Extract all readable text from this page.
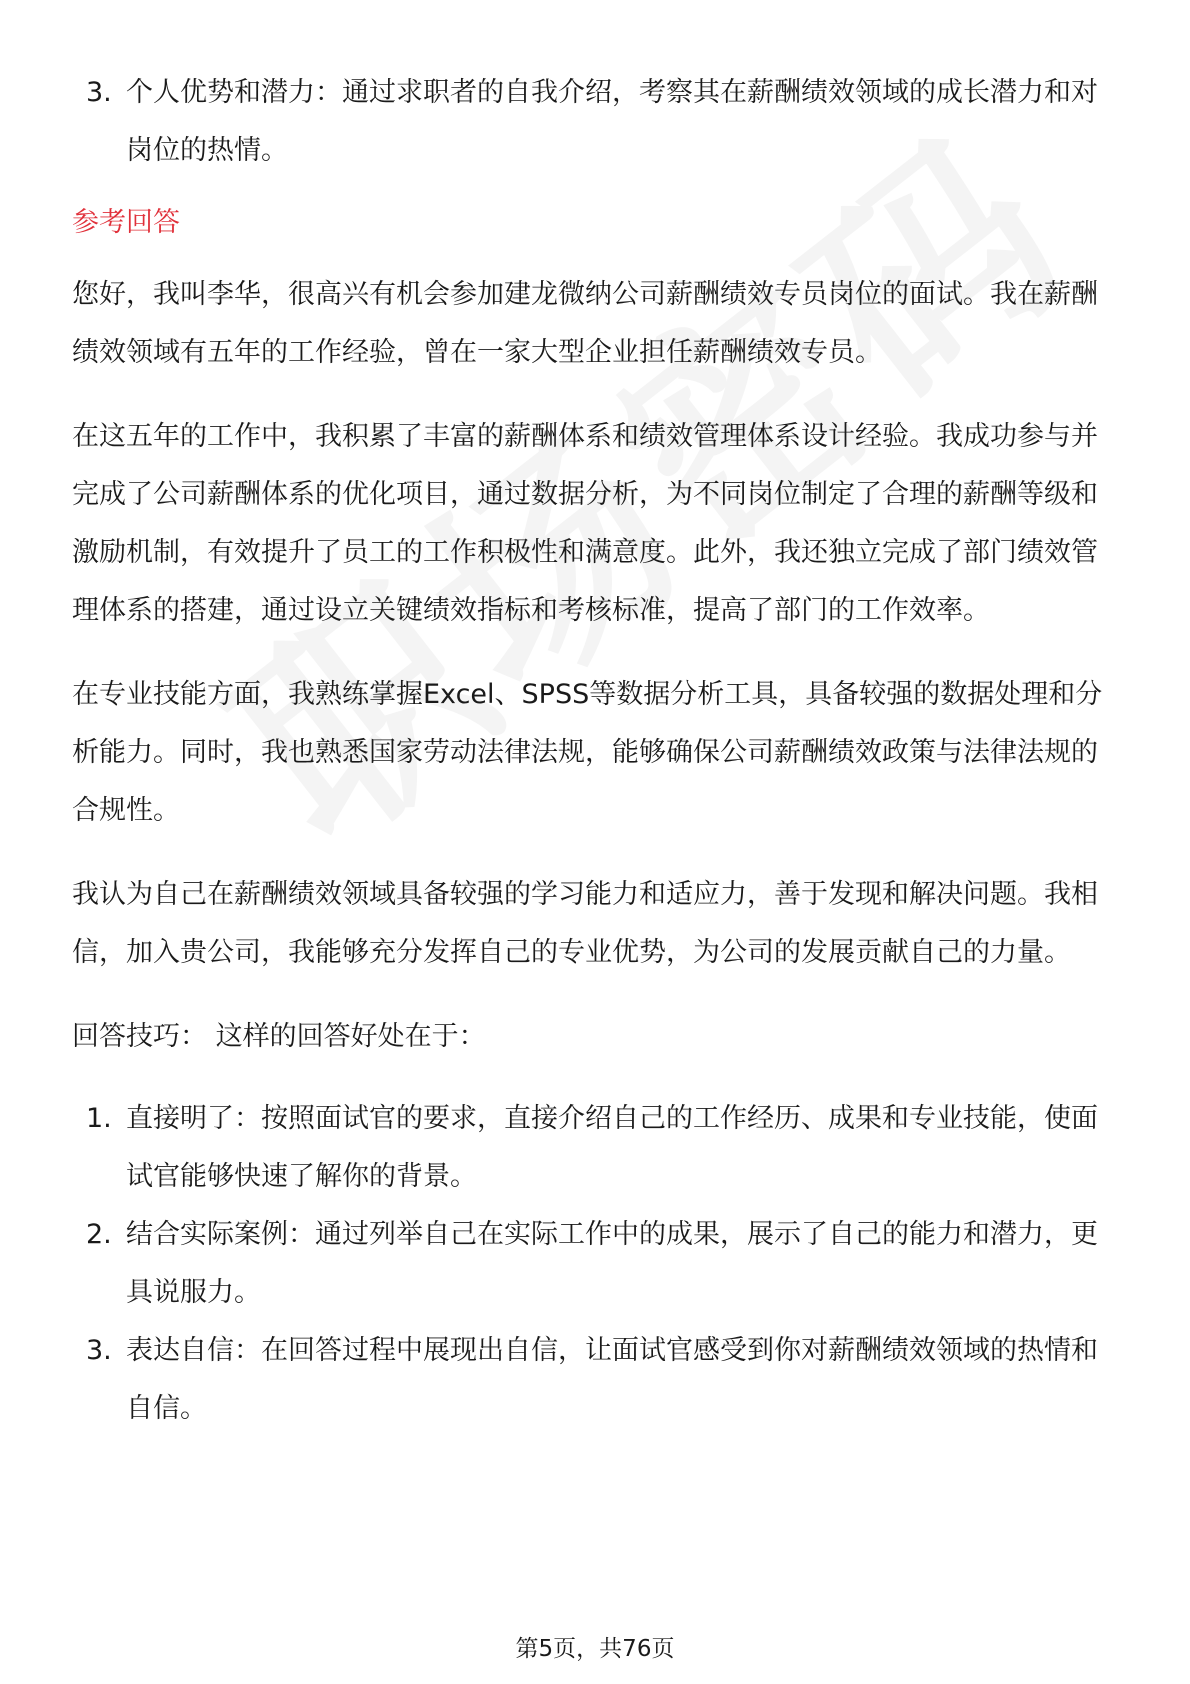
3. 个人优势和潜力：通过求职者的自我介绍，考察其在薪酬绩效领域的成长潜力和对岗位的热情。
参考回答

您好，我叫李华，很高兴有机会参加建龙微纳公司薪酬绩效专员岗位的面试。我在薪酬绩效领域有五年的工作经验，曾在一家大型企业担任薪酬绩效专员。

在这五年的工作中，我积累了丰富的薪酬体系和绩效管理体系设计经验。我成功参与并完成了公司薪酬体系的优化项目，通过数据分析，为不同岗位制定了合理的薪酬等级和激励机制，有效提升了员工的工作积极性和满意度。此外，我还独立完成了部门绩效管理体系的搭建，通过设立关键绩效指标和考核标准，提高了部门的工作效率。

在专业技能方面，我熟练掌握Excel、SPSS等数据分析工具，具备较强的数据处理和分析能力。同时，我也熟悉国家劳动法律法规，能够确保公司薪酬绩效政策与法律法规的合规性。

我认为自己在薪酬绩效领域具备较强的学习能力和适应力，善于发现和解决问题。我相信，加入贵公司，我能够充分发挥自己的专业优势，为公司的发展贡献自己的力量。

回答技巧： 这样的回答好处在于：

1. 直接明了：按照面试官的要求，直接介绍自己的工作经历、成果和专业技能，使面试官能够快速了解你的背景。
2. 结合实际案例：通过列举自己在实际工作中的成果，展示了自己的能力和潜力，更具说服力。
3. 表达自信：在回答过程中展现出自信，让面试官感受到你对薪酬绩效领域的热情和自信。
第5页，共76页
